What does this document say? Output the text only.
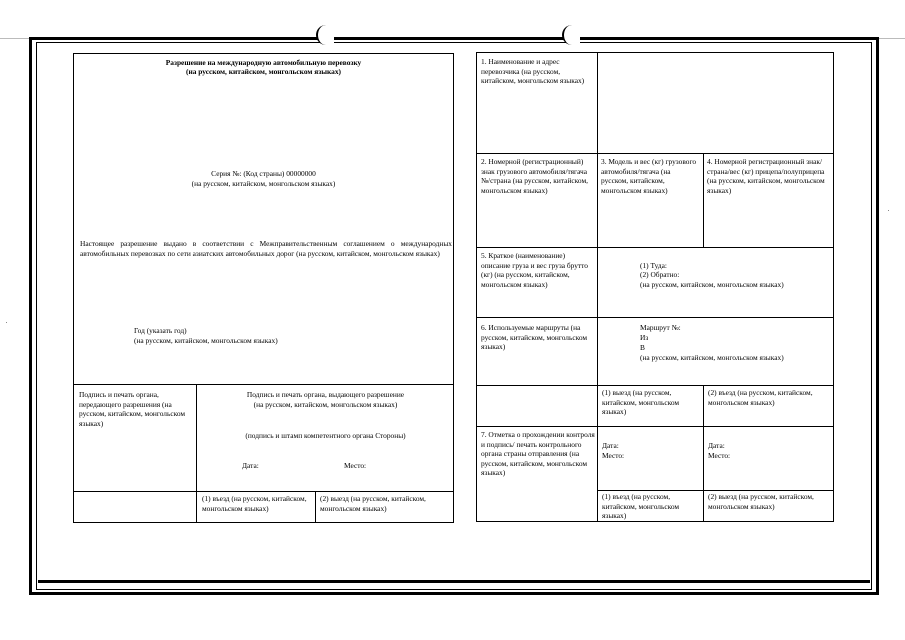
Разрешение на международную автомобильную перевозку
(на русском, китайском, монгольском языках)
Серия №: (Код страны) 00000000
(на русском, китайском, монгольском языках)
Настоящее разрешение выдано в соответствии с Межправительственным соглашением о международных автомобильных перевозках по сети азиатских автомобильных дорог (на русском, китайском, монгольском языках)
Год (указать год)
(на русском, китайском, монгольском языках)
Подпись и печать органа, передающего разрешения (на русском, китайском, монгольском языках)
Подпись и печать органа, выдающего разрешение
(на русском, китайском, монгольском языках)
(подпись и штамп компетентного органа Стороны)
Дата:	Место:
(1) въезд (на русском, китайском, монгольском языках)
(2) выезд (на русском, китайском, монгольском языках)
1. Наименование и адрес перевозчика (на русском, китайском, монгольском языках)
2. Номерной (регистрационный) знак грузового автомобиля/тягача №/страна (на русском, китайском, монгольском языках)
3. Модель и вес (кг) грузового автомобиля/тягача (на русском, китайском, монгольском языках)
4. Номерной регистрационный знак/страна/вес (кг) прицепа/полуприцепа (на русском, китайском, монгольском языках)
5. Краткое (наименование) описание груза и вес груза брутто (кг) (на русском, китайском, монгольском языках)
(1) Туда:
(2) Обратно:
(на русском, китайском, монгольском языках)
6. Используемые маршруты (на русском, китайском, монгольском языках)
Маршрут №:
Из
В
(на русском, китайском, монгольском языках)
(1) выезд (на русском, китайском, монгольском языках)
(2) въезд (на русском, китайском, монгольском языках)
7. Отметка о прохождении контроля и подпись/ печать контрольного органа страны отправления (на русском, китайском, монгольском языках)
Дата:
Место:
Дата:
Место:
(1) въезд (на русском, китайском, монгольском языках)
(2) выезд (на русском, китайском, монгольском языках)
